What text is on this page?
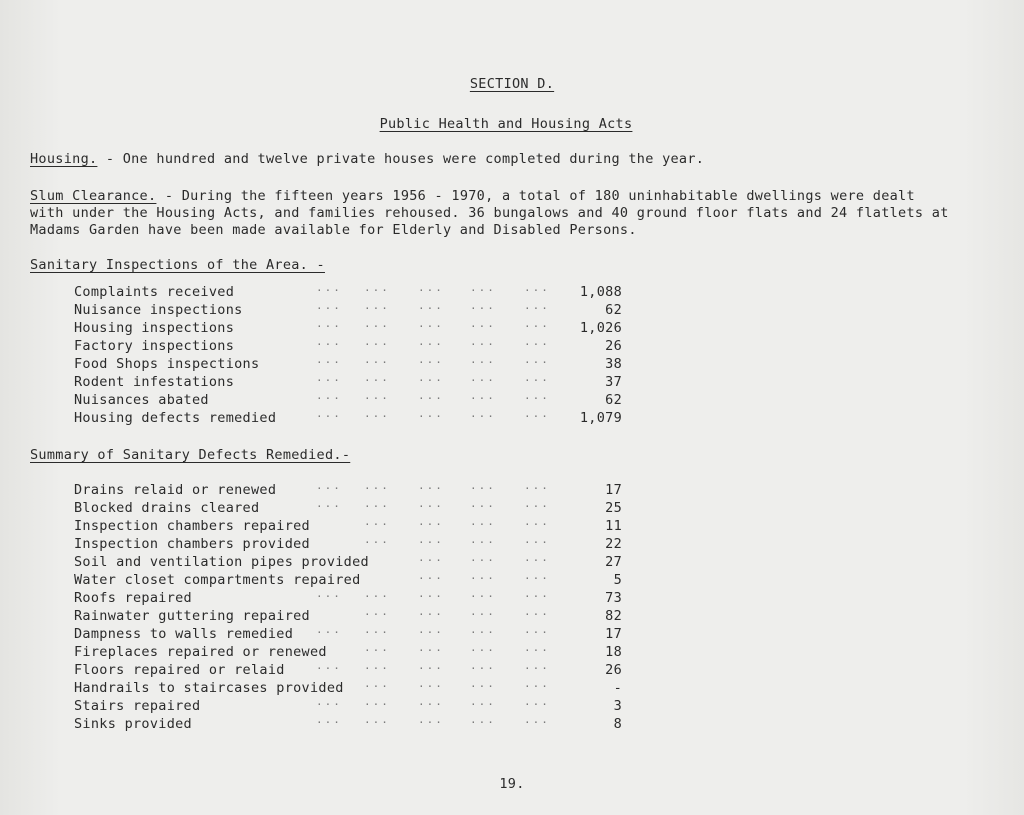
SECTION D.
Public Health and Housing Acts
Housing. - One hundred and twelve private houses were completed during the year.
Slum Clearance. - During the fifteen years 1956 - 1970, a total of 180 uninhabitable dwellings were dealt with under the Housing Acts, and families rehoused. 36 bungalows and 40 ground floor flats and 24 flatlets at Madams Garden have been made available for Elderly and Disabled Persons.
Sanitary Inspections of the Area. -
Complaints received	··· ···	··· ···	··· 1,088
Nuisance inspections	··· ···	··· ···	···	62
Housing inspections	··· ···	··· ···	··· 1,026
Factory inspections	··· ···	··· ···	···	26
Food Shops inspections	··· ···	··· ···	···	38
Rodent infestations	··· ···	··· ···	···	37
Nuisances abated	··· ···	··· ···	···	62
Housing defects remedied	··· ···	··· ···	··· 1,079
Summary of Sanitary Defects Remedied.-
Drains relaid or renewed	··· ···	··· ···	···	17
Blocked drains cleared	··· ···	··· ···	···	25
Inspection chambers repaired	···	··· ···	···	11
Inspection chambers provided	···	··· ···	···	22
Soil and ventilation pipes provided	··· ···	···	27
Water closet compartments repaired	··· ···	···	5
Roofs repaired	··· ···	··· ···	···	73
Rainwater guttering repaired	···	··· ···	···	82
Dampness to walls remedied ··· ···	··· ···	···	17
Fireplaces repaired or renewed	···	··· ···	···	18
Floors repaired or relaid	··· ···	··· ···	···	26
Handrails to staircases provided ···	··· ···	···	-
Stairs repaired	··· ···	··· ···	···	3
Sinks provided	··· ···	··· ···	···	8
19.
